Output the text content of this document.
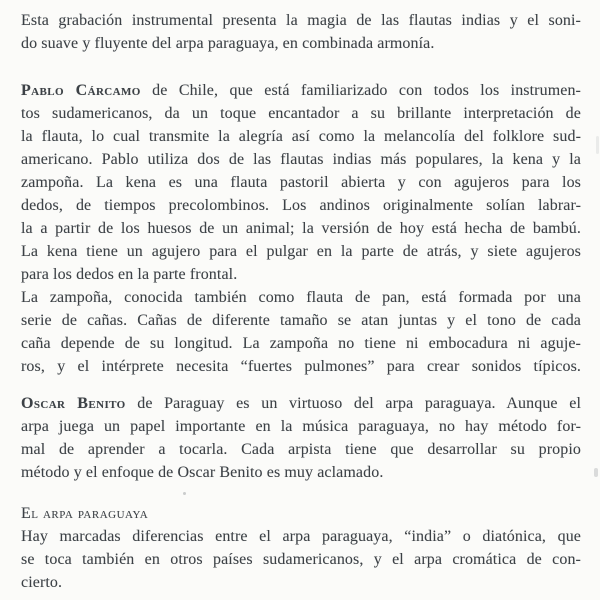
Esta grabación instrumental presenta la magia de las flautas indias y el soni-
do suave y fluyente del arpa paraguaya, en combinada armonía.
Pablo Cárcamo de Chile, que está familiarizado con todos los instrumen-
tos sudamericanos, da un toque encantador a su brillante interpretación de
la flauta, lo cual transmite la alegría así como la melancolía del folklore sud-
americano. Pablo utiliza dos de las flautas indias más populares, la kena y la
zampoña. La kena es una flauta pastoril abierta y con agujeros para los
dedos, de tiempos precolombinos. Los andinos originalmente solían labrar-
la a partir de los huesos de un animal; la versión de hoy está hecha de bambú.
La kena tiene un agujero para el pulgar en la parte de atrás, y siete agujeros
para los dedos en la parte frontal.
La zampoña, conocida también como flauta de pan, está formada por una
serie de cañas. Cañas de diferente tamaño se atan juntas y el tono de cada
caña depende de su longitud. La zampoña no tiene ni embocadura ni aguje-
ros, y el intérprete necesita “fuertes pulmones” para crear sonidos típicos.
Oscar Benito de Paraguay es un virtuoso del arpa paraguaya. Aunque el
arpa juega un papel importante en la música paraguaya, no hay método for-
mal de aprender a tocarla. Cada arpista tiene que desarrollar su propio
método y el enfoque de Oscar Benito es muy aclamado.
El arpa paraguaya
Hay marcadas diferencias entre el arpa paraguaya, “india” o diatónica, que
se toca también en otros países sudamericanos, y el arpa cromática de con-
cierto.
